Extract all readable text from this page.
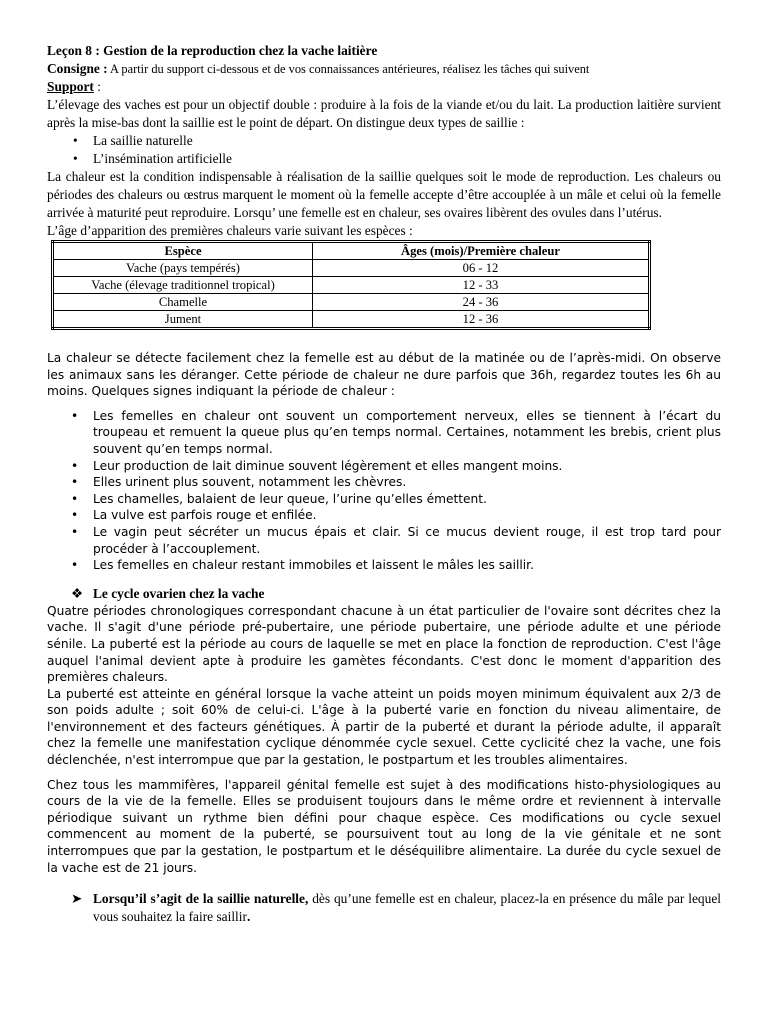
Leçon 8 : Gestion de la reproduction chez la vache laitière

Consigne : A partir du support ci-dessous et de vos connaissances antérieures, réalisez les tâches qui suivent

Support :

L’élevage des vaches est pour un objectif double : produire à la fois de la viande et/ou du lait. La production laitière survient après la mise-bas dont la saillie est le point de départ. On distingue deux types de saillie :

• La saillie naturelle
• L’insémination artificielle

La chaleur est la condition indispensable à réalisation de la saillie quelques soit le mode de reproduction. Les chaleurs ou périodes des chaleurs ou œstrus marquent le moment où la femelle accepte d’être accouplée à un mâle et celui où la femelle arrivée à maturité peut reproduire. Lorsqu’ une femelle est en chaleur, ses ovaires libèrent des ovules dans l’utérus.

L’âge d’apparition des premières chaleurs varie suivant les espèces :

Espèce	Âges (mois)/Première chaleur
Vache (pays tempérés)	06 - 12
Vache (élevage traditionnel tropical)	12 - 33
Chamelle	24 - 36
Jument	12 - 36

La chaleur se détecte facilement chez la femelle est au début de la matinée ou de l’après-midi. On observe les animaux sans les déranger. Cette période de chaleur ne dure parfois que 36h, regardez toutes les 6h au moins. Quelques signes indiquant la période de chaleur :

• Les femelles en chaleur ont souvent un comportement nerveux, elles se tiennent à l’écart du troupeau et remuent la queue plus qu’en temps normal. Certaines, notamment les brebis, crient plus souvent qu’en temps normal.
• Leur production de lait diminue souvent légèrement et elles mangent moins.
• Elles urinent plus souvent, notamment les chèvres.
• Les chamelles, balaient de leur queue, l’urine qu’elles émettent.
• La vulve est parfois rouge et enfilée.
• Le vagin peut sécréter un mucus épais et clair. Si ce mucus devient rouge, il est trop tard pour procéder à l’accouplement.
• Les femelles en chaleur restant immobiles et laissent le mâles les saillir.

❖ Le cycle ovarien chez la vache

Quatre périodes chronologiques correspondant chacune à un état particulier de l'ovaire sont décrites chez la vache. Il s'agit d'une période pré-pubertaire, une période pubertaire, une période adulte et une période sénile. La puberté est la période au cours de laquelle se met en place la fonction de reproduction. C'est l'âge auquel l'animal devient apte à produire les gamètes fécondants. C'est donc le moment d'apparition des premières chaleurs.

La puberté est atteinte en général lorsque la vache atteint un poids moyen minimum équivalent aux 2/3 de son poids adulte ; soit 60% de celui-ci. L'âge à la puberté varie en fonction du niveau alimentaire, de l'environnement et des facteurs génétiques. À partir de la puberté et durant la période adulte, il apparaît chez la femelle une manifestation cyclique dénommée cycle sexuel. Cette cyclicité chez la vache, une fois déclenchée, n'est interrompue que par la gestation, le postpartum et les troubles alimentaires.

Chez tous les mammifères, l'appareil génital femelle est sujet à des modifications histo-physiologiques au cours de la vie de la femelle. Elles se produisent toujours dans le même ordre et reviennent à intervalle périodique suivant un rythme bien défini pour chaque espèce. Ces modifications ou cycle sexuel commencent au moment de la puberté, se poursuivent tout au long de la vie génitale et ne sont interrompues que par la gestation, le postpartum et le déséquilibre alimentaire. La durée du cycle sexuel de la vache est de 21 jours.

➤ Lorsqu’il s’agit de la saillie naturelle, dès qu’une femelle est en chaleur, placez-la en présence du mâle par lequel vous souhaitez la faire saillir.
